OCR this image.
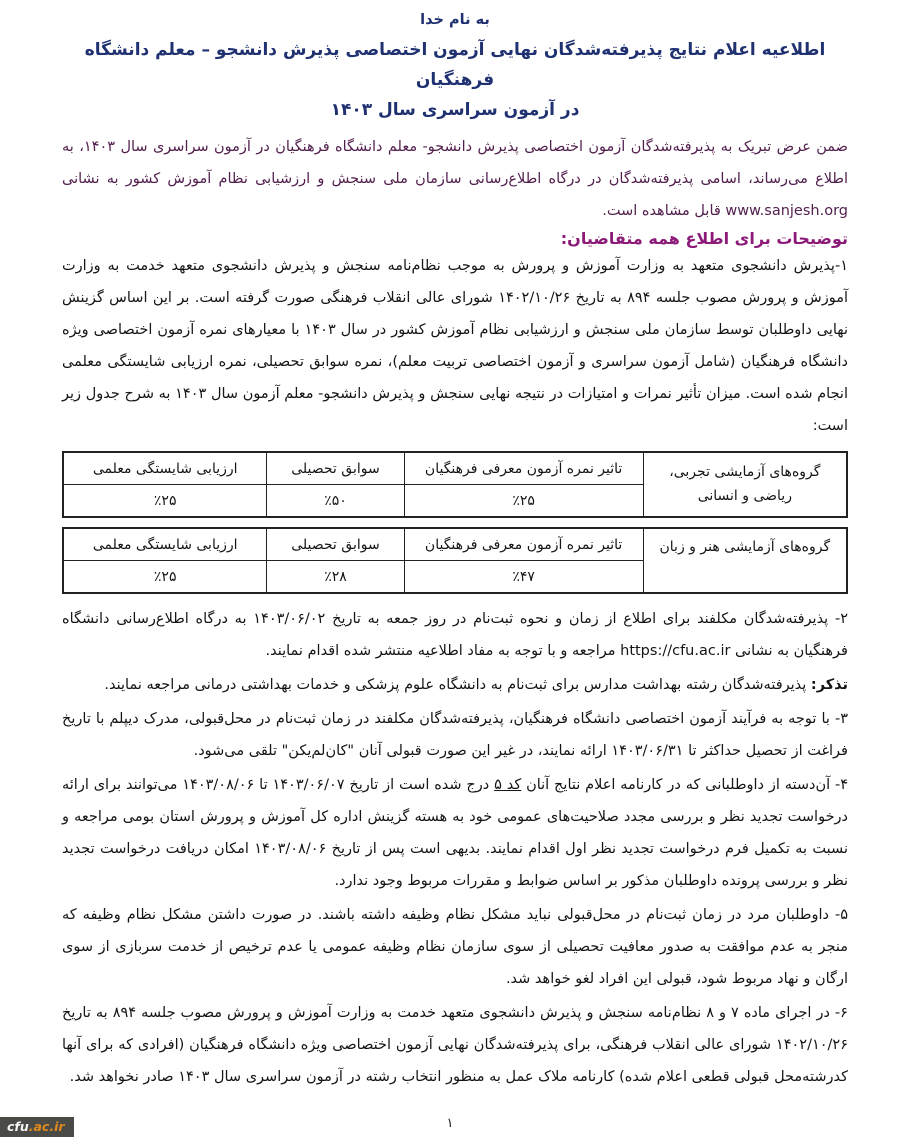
به نام خدا
اطلاعیه اعلام نتایج پذیرفته‌شدگان نهایی آزمون اختصاصی پذیرش دانشجو – معلم دانشگاه فرهنگیان
در آزمون سراسری سال ۱۴۰۳

ضمن عرض تبریک به پذیرفته‌شدگان آزمون اختصاصی پذیرش دانشجو- معلم دانشگاه فرهنگیان در آزمون سراسری سال ۱۴۰۳، به اطلاع می‌رساند، اسامی پذیرفته‌شدگان در درگاه اطلاع‌رسانی سازمان ملی سنجش و ارزشیابی نظام آموزش کشور به نشانی www.sanjesh.org قابل مشاهده است.

توضیحات برای اطلاع همه متقاضیان:

۱-پذیرش دانشجوی متعهد به وزارت آموزش و پرورش به موجب نظام‌نامه سنجش و پذیرش دانشجوی متعهد خدمت به وزارت آموزش و پرورش مصوب جلسه ۸۹۴ به تاریخ ۱۴۰۲/۱۰/۲۶ شورای عالی انقلاب فرهنگی صورت گرفته است. بر این اساس گزینش نهایی داوطلبان توسط سازمان ملی سنجش و ارزشیابی نظام آموزش کشور در سال ۱۴۰۳ با معیارهای نمره آزمون اختصاصی ویژه دانشگاه فرهنگیان (شامل آزمون سراسری و آزمون اختصاصی تربیت معلم)، نمره سوابق تحصیلی، نمره ارزیابی شایستگی معلمی انجام شده است. میزان تأثیر نمرات و امتیازات در نتیجه نهایی سنجش و پذیرش دانشجو- معلم آزمون سال ۱۴۰۳ به شرح جدول زیر است:

گروه‌های آزمایشی تجربی،
ریاضی و انسانی	تاثیر نمره آزمون معرفی فرهنگیان	سوابق تحصیلی	ارزیابی شایستگی معلمی
	٪۲۵	٪۵۰	٪۲۵
گروه‌های آزمایشی هنر و زبان	تاثیر نمره آزمون معرفی فرهنگیان	سوابق تحصیلی	ارزیابی شایستگی معلمی
	٪۴۷	٪۲۸	٪۲۵

۲- پذیرفته‌شدگان مکلفند برای اطلاع از زمان و نحوه ثبت‌نام در روز جمعه به تاریخ ۱۴۰۳/۰۶/۰۲ به درگاه اطلاع‌رسانی دانشگاه فرهنگیان به نشانی https://cfu.ac.ir مراجعه و با توجه به مفاد اطلاعیه منتشر شده اقدام نمایند.

تذکر: پذیرفته‌شدگان رشته بهداشت مدارس برای ثبت‌نام به دانشگاه علوم پزشکی و خدمات بهداشتی درمانی مراجعه نمایند.

۳- با توجه به فرآیند آزمون اختصاصی دانشگاه فرهنگیان، پذیرفته‌شدگان مکلفند در زمان ثبت‌نام در محل‌قبولی، مدرک دیپلم با تاریخ فراغت از تحصیل حداکثر تا ۱۴۰۳/۰۶/۳۱ ارائه نمایند، در غیر این صورت قبولی آنان "کان‌لم‌یکن" تلقی می‌شود.

۴- آن‌دسته از داوطلبانی که در کارنامه اعلام نتایج آنان کد ۵ درج شده است از تاریخ ۱۴۰۳/۰۶/۰۷ تا ۱۴۰۳/۰۸/۰۶ می‌توانند برای ارائه درخواست تجدید نظر و بررسی مجدد صلاحیت‌های عمومی خود به هسته گزینش اداره کل آموزش و پرورش استان بومی مراجعه و نسبت به تکمیل فرم درخواست تجدید نظر اول اقدام نمایند. بدیهی است پس از تاریخ ۱۴۰۳/۰۸/۰۶ امکان دریافت درخواست تجدید نظر و بررسی پرونده داوطلبان مذکور بر اساس ضوابط و مقررات مربوط وجود ندارد.

۵- داوطلبان مرد در زمان ثبت‌نام در محل‌قبولی نباید مشکل نظام وظیفه داشته باشند. در صورت داشتن مشکل نظام وظیفه که منجر به عدم موافقت به صدور معافیت تحصیلی از سوی سازمان نظام وظیفه عمومی یا عدم ترخیص از خدمت سربازی از سوی ارگان و نهاد مربوط شود، قبولی این افراد لغو خواهد شد.

۶- در اجرای ماده ۷ و ۸ نظام‌نامه سنجش و پذیرش دانشجوی متعهد خدمت به وزارت آموزش و پرورش مصوب جلسه ۸۹۴ به تاریخ ۱۴۰۲/۱۰/۲۶ شورای عالی انقلاب فرهنگی، برای پذیرفته‌شدگان نهایی آزمون اختصاصی ویژه دانشگاه فرهنگیان (افرادی که برای آنها کدرشته‌محل قبولی قطعی اعلام شده) کارنامه ملاک عمل به منظور انتخاب رشته در آزمون سراسری سال ۱۴۰۳ صادر نخواهد شد.

۱
cfu.ac.ir
